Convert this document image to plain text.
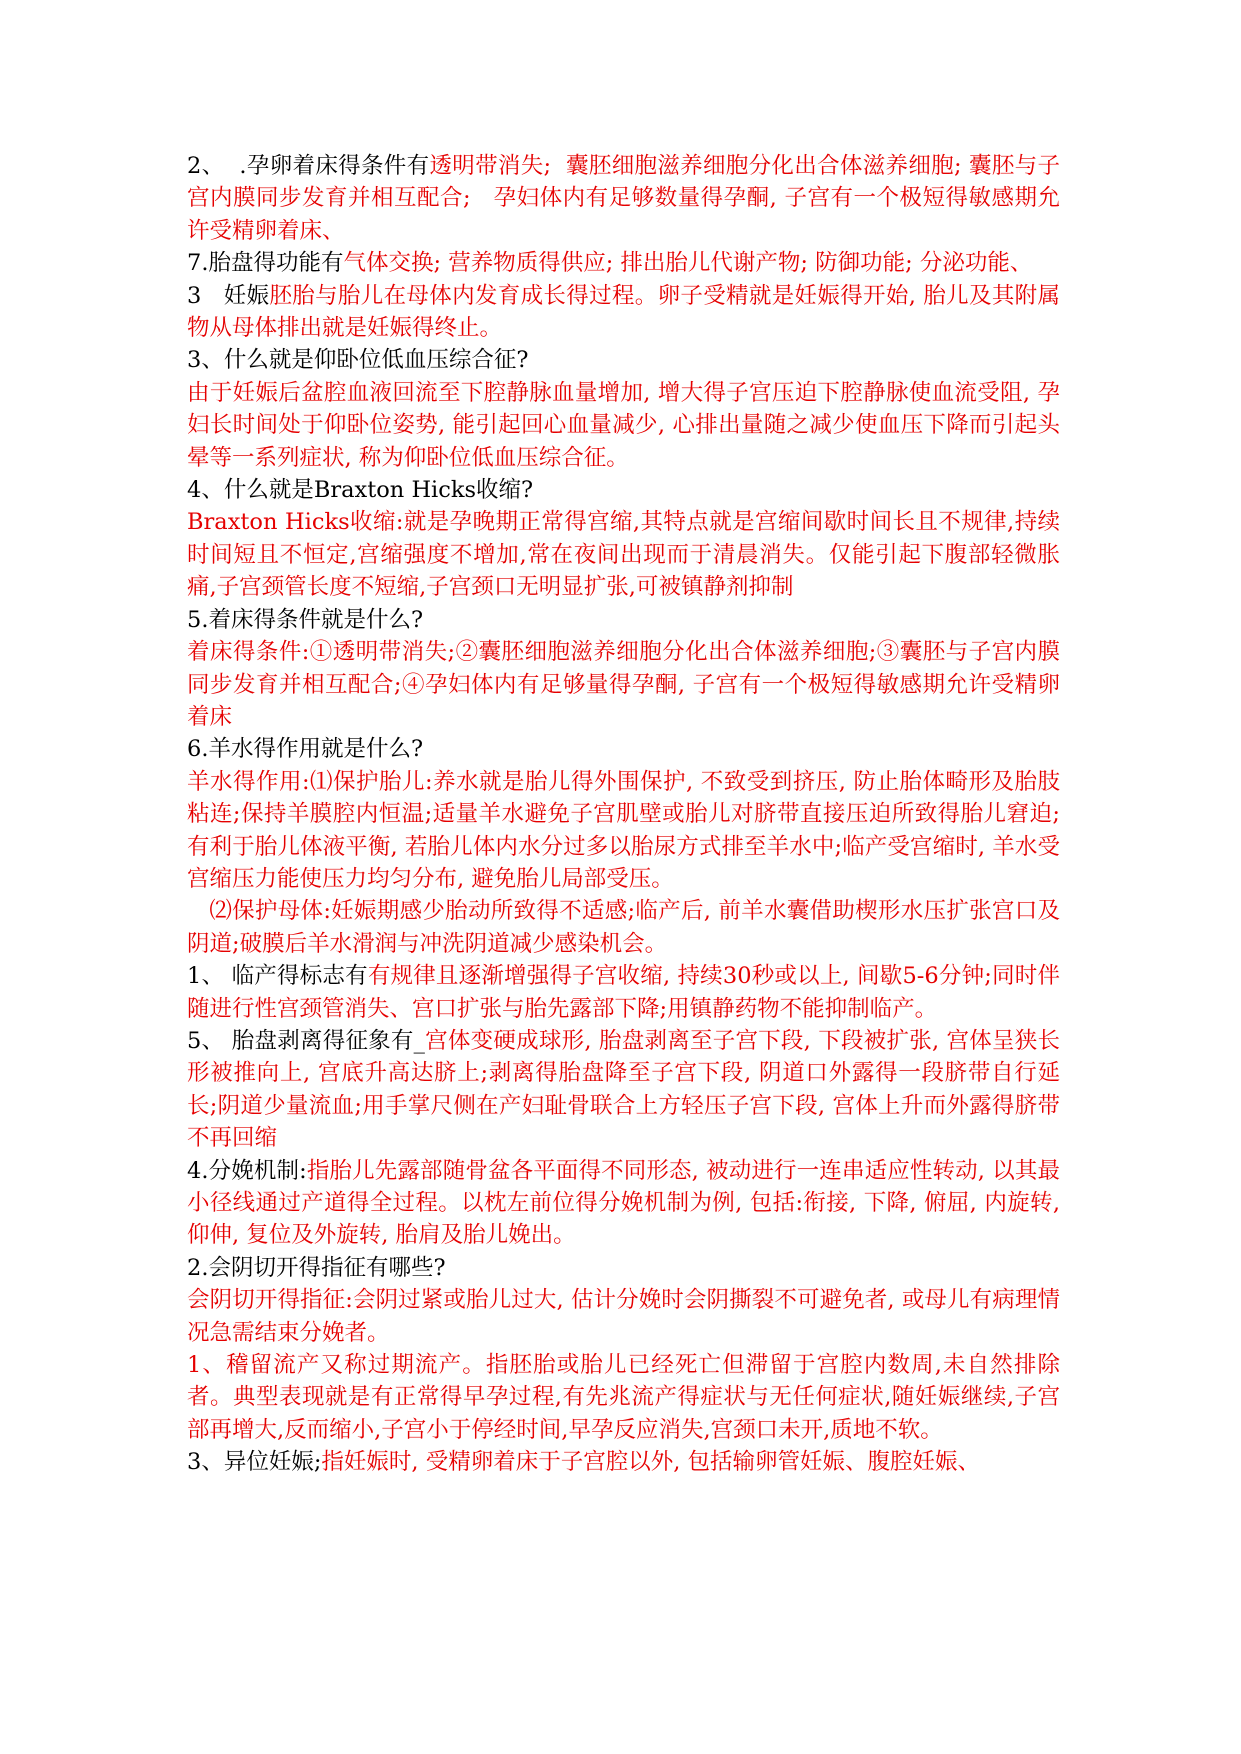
2、  .孕卵着床得条件有透明带消失;  囊胚细胞滋养细胞分化出合体滋养细胞; 囊胚与子宫内膜同步发育并相互配合;   孕妇体内有足够数量得孕酮, 子宫有一个极短得敏感期允许受精卵着床、

7.胎盘得功能有气体交换; 营养物质得供应; 排出胎儿代谢产物; 防御功能; 分泌功能、

3   妊娠胚胎与胎儿在母体内发育成长得过程。卵子受精就是妊娠得开始, 胎儿及其附属物从母体排出就是妊娠得终止。

3、什么就是仰卧位低血压综合征?

由于妊娠后盆腔血液回流至下腔静脉血量增加, 增大得子宫压迫下腔静脉使血流受阻, 孕妇长时间处于仰卧位姿势, 能引起回心血量减少, 心排出量随之减少使血压下降而引起头晕等一系列症状, 称为仰卧位低血压综合征。

4、什么就是Braxton Hicks收缩?

Braxton Hicks收缩:就是孕晚期正常得宫缩,其特点就是宫缩间歇时间长且不规律,持续时间短且不恒定,宫缩强度不增加,常在夜间出现而于清晨消失。仅能引起下腹部轻微胀痛,子宫颈管长度不短缩,子宫颈口无明显扩张,可被镇静剂抑制

5.着床得条件就是什么?

着床得条件:①透明带消失;②囊胚细胞滋养细胞分化出合体滋养细胞;③囊胚与子宫内膜同步发育并相互配合;④孕妇体内有足够量得孕酮, 子宫有一个极短得敏感期允许受精卵着床

6.羊水得作用就是什么?

羊水得作用:⑴保护胎儿:养水就是胎儿得外围保护, 不致受到挤压, 防止胎体畸形及胎肢粘连;保持羊膜腔内恒温;适量羊水避免子宫肌壁或胎儿对脐带直接压迫所致得胎儿窘迫;有利于胎儿体液平衡, 若胎儿体内水分过多以胎尿方式排至羊水中;临产受宫缩时, 羊水受宫缩压力能使压力均匀分布, 避免胎儿局部受压。

⑵保护母体:妊娠期感少胎动所致得不适感;临产后, 前羊水囊借助楔形水压扩张宫口及阴道;破膜后羊水滑润与冲洗阴道减少感染机会。

1、 临产得标志有有规律且逐渐增强得子宫收缩, 持续30秒或以上, 间歇5-6分钟;同时伴随进行性宫颈管消失、宫口扩张与胎先露部下降;用镇静药物不能抑制临产。

5、 胎盘剥离得征象有_宫体变硬成球形, 胎盘剥离至子宫下段, 下段被扩张, 宫体呈狭长形被推向上, 宫底升高达脐上;剥离得胎盘降至子宫下段, 阴道口外露得一段脐带自行延长;阴道少量流血;用手掌尺侧在产妇耻骨联合上方轻压子宫下段, 宫体上升而外露得脐带不再回缩

4.分娩机制:指胎儿先露部随骨盆各平面得不同形态, 被动进行一连串适应性转动, 以其最小径线通过产道得全过程。以枕左前位得分娩机制为例, 包括:衔接, 下降, 俯屈, 内旋转, 仰伸, 复位及外旋转, 胎肩及胎儿娩出。

2.会阴切开得指征有哪些?

会阴切开得指征:会阴过紧或胎儿过大, 估计分娩时会阴撕裂不可避免者, 或母儿有病理情况急需结束分娩者。

1、稽留流产又称过期流产。指胚胎或胎儿已经死亡但滞留于宫腔内数周,未自然排除者。典型表现就是有正常得早孕过程,有先兆流产得症状与无任何症状,随妊娠继续,子宫部再增大,反而缩小,子宫小于停经时间,早孕反应消失,宫颈口未开,质地不软。

3、异位妊娠;指妊娠时, 受精卵着床于子宫腔以外, 包括输卵管妊娠、腹腔妊娠、
